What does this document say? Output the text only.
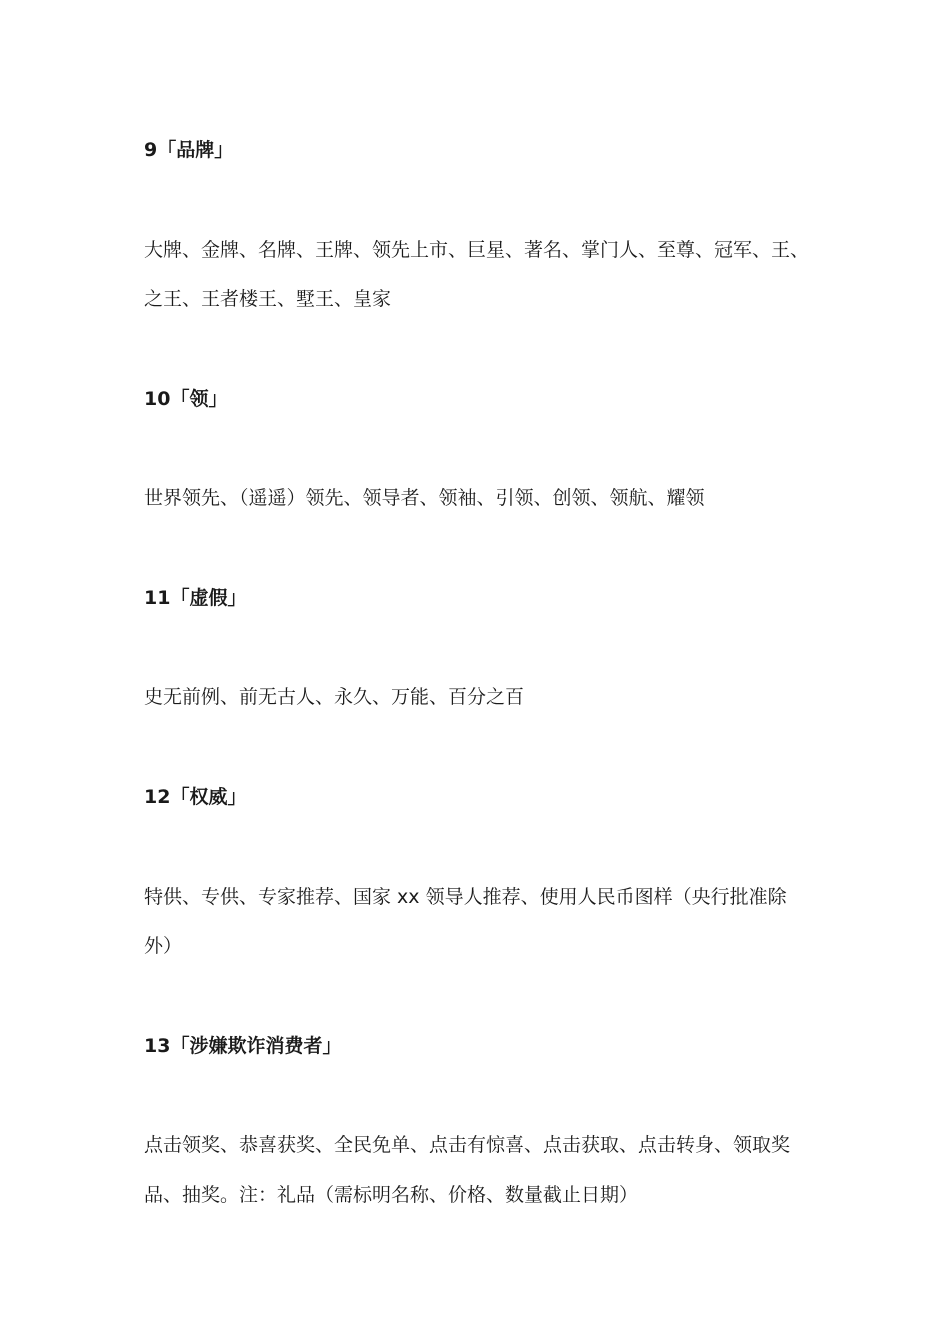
9「品牌」
大牌、金牌、名牌、王牌、领先上市、巨星、著名、掌门人、至尊、冠军、王、
之王、王者楼王、墅王、皇家
10「领」
世界领先、（遥遥）领先、领导者、领袖、引领、创领、领航、耀领
11「虚假」
史无前例、前无古人、永久、万能、百分之百
12「权威」
特供、专供、专家推荐、国家 xx 领导人推荐、使用人民币图样（央行批准除
外）
13「涉嫌欺诈消费者」
点击领奖、恭喜获奖、全民免单、点击有惊喜、点击获取、点击转身、领取奖
品、抽奖。注：礼品（需标明名称、价格、数量截止日期）
